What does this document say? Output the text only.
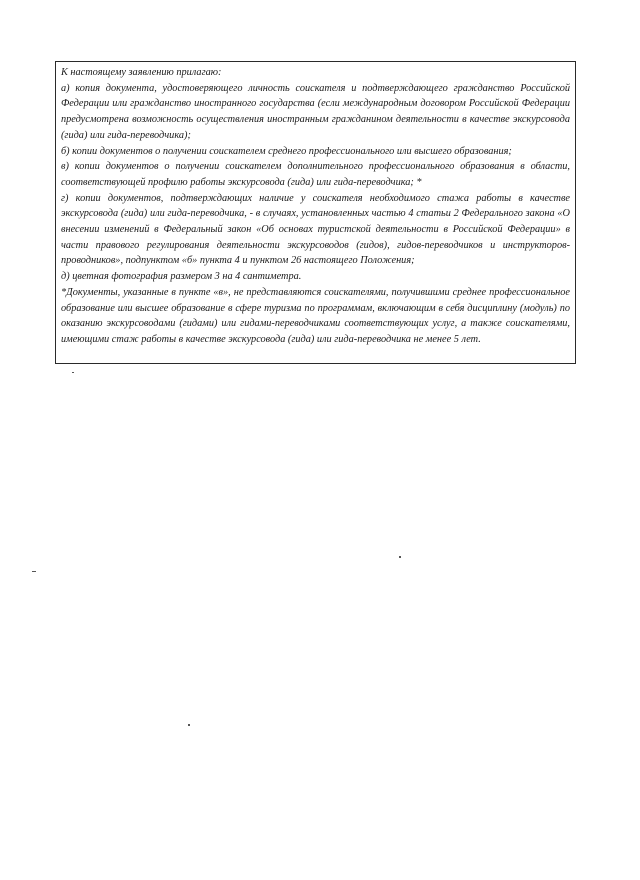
К настоящему заявлению прилагаю:

а) копия документа, удостоверяющего личность соискателя и подтверждающего гражданство Российской Федерации или гражданство иностранного государства (если международным договором Российской Федерации предусмотрена возможность осуществления иностранным гражданином деятельности в качестве экскурсовода (гида) или гида-переводчика);

б) копии документов о получении соискателем среднего профессионального или высшего образования;

в) копии документов о получении соискателем дополнительного профессионального образования в области, соответствующей профилю работы экскурсовода (гида) или гида-переводчика; *

г) копии документов, подтверждающих наличие у соискателя необходимого стажа работы в качестве экскурсовода (гида) или гида-переводчика, - в случаях, установленных частью 4 статьи 2 Федерального закона «О внесении изменений в Федеральный закон «Об основах туристской деятельности в Российской Федерации» в части правового регулирования деятельности экскурсоводов (гидов), гидов-переводчиков и инструкторов-проводников», подпунктом «б» пункта 4 и пунктом 26 настоящего Положения;

д) цветная фотография размером 3 на 4 сантиметра.

*Документы, указанные в пункте «в», не представляются соискателями, получившими среднее профессиональное образование или высшее образование в сфере туризма по программам, включающим в себя дисциплину (модуль) по оказанию экскурсоводами (гидами) или гидами-переводчиками соответствующих услуг, а также соискателями, имеющими стаж работы в качестве экскурсовода (гида) или гида-переводчика не менее 5 лет.
